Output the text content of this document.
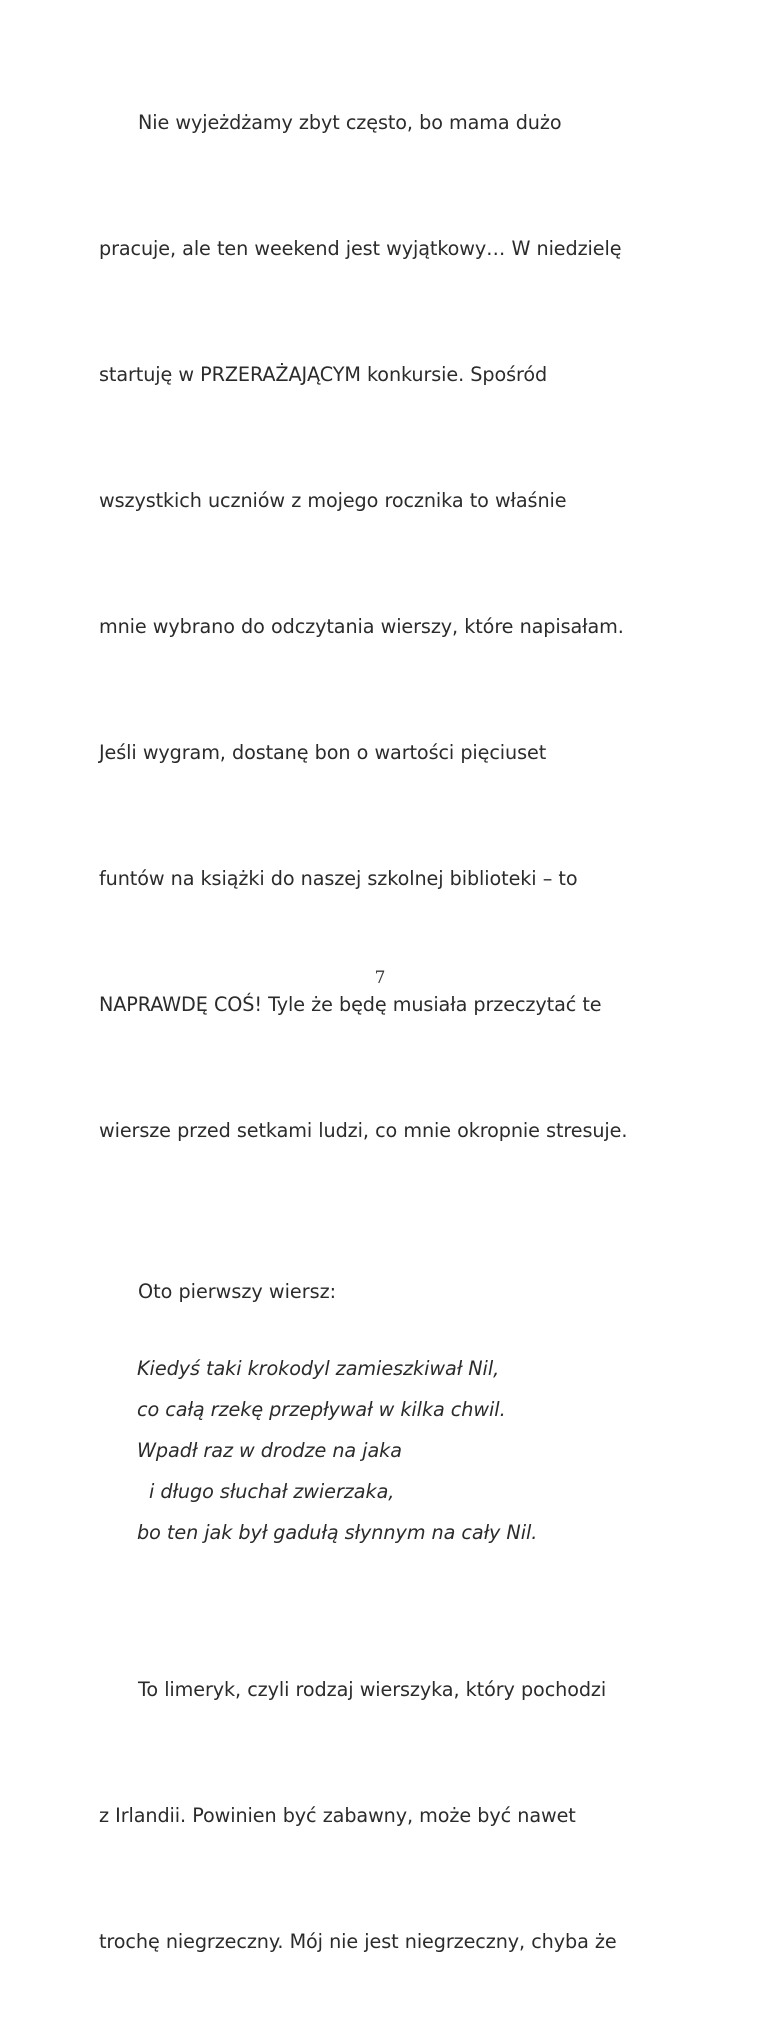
Nie wyjeżdżamy zbyt często, bo mama dużo

pracuje, ale ten weekend jest wyjątkowy… W niedzielę

startuję w PRZERAŻAJĄCYM konkursie. Spośród

wszystkich uczniów z mojego rocznika to właśnie

mnie wybrano do odczytania wierszy, które napisałam.

Jeśli wygram, dostanę bon o wartości pięciuset

funtów na książki do naszej szkolnej biblioteki – to

NAPRAWDĘ COŚ! Tyle że będę musiała przeczytać te

wiersze przed setkami ludzi, co mnie okropnie stresuje.

Oto pierwszy wiersz:
Kiedyś taki krokodyl zamieszkiwał Nil,
co całą rzekę przepływał w kilka chwil.
Wpadł raz w drodze na jaka
i długo słuchał zwierzaka,
bo ten jak był gadułą słynnym na cały Nil.

To limeryk, czyli rodzaj wierszyka, który pochodzi

z Irlandii. Powinien być zabawny, może być nawet

trochę niegrzeczny. Mój nie jest niegrzeczny, chyba że

7
